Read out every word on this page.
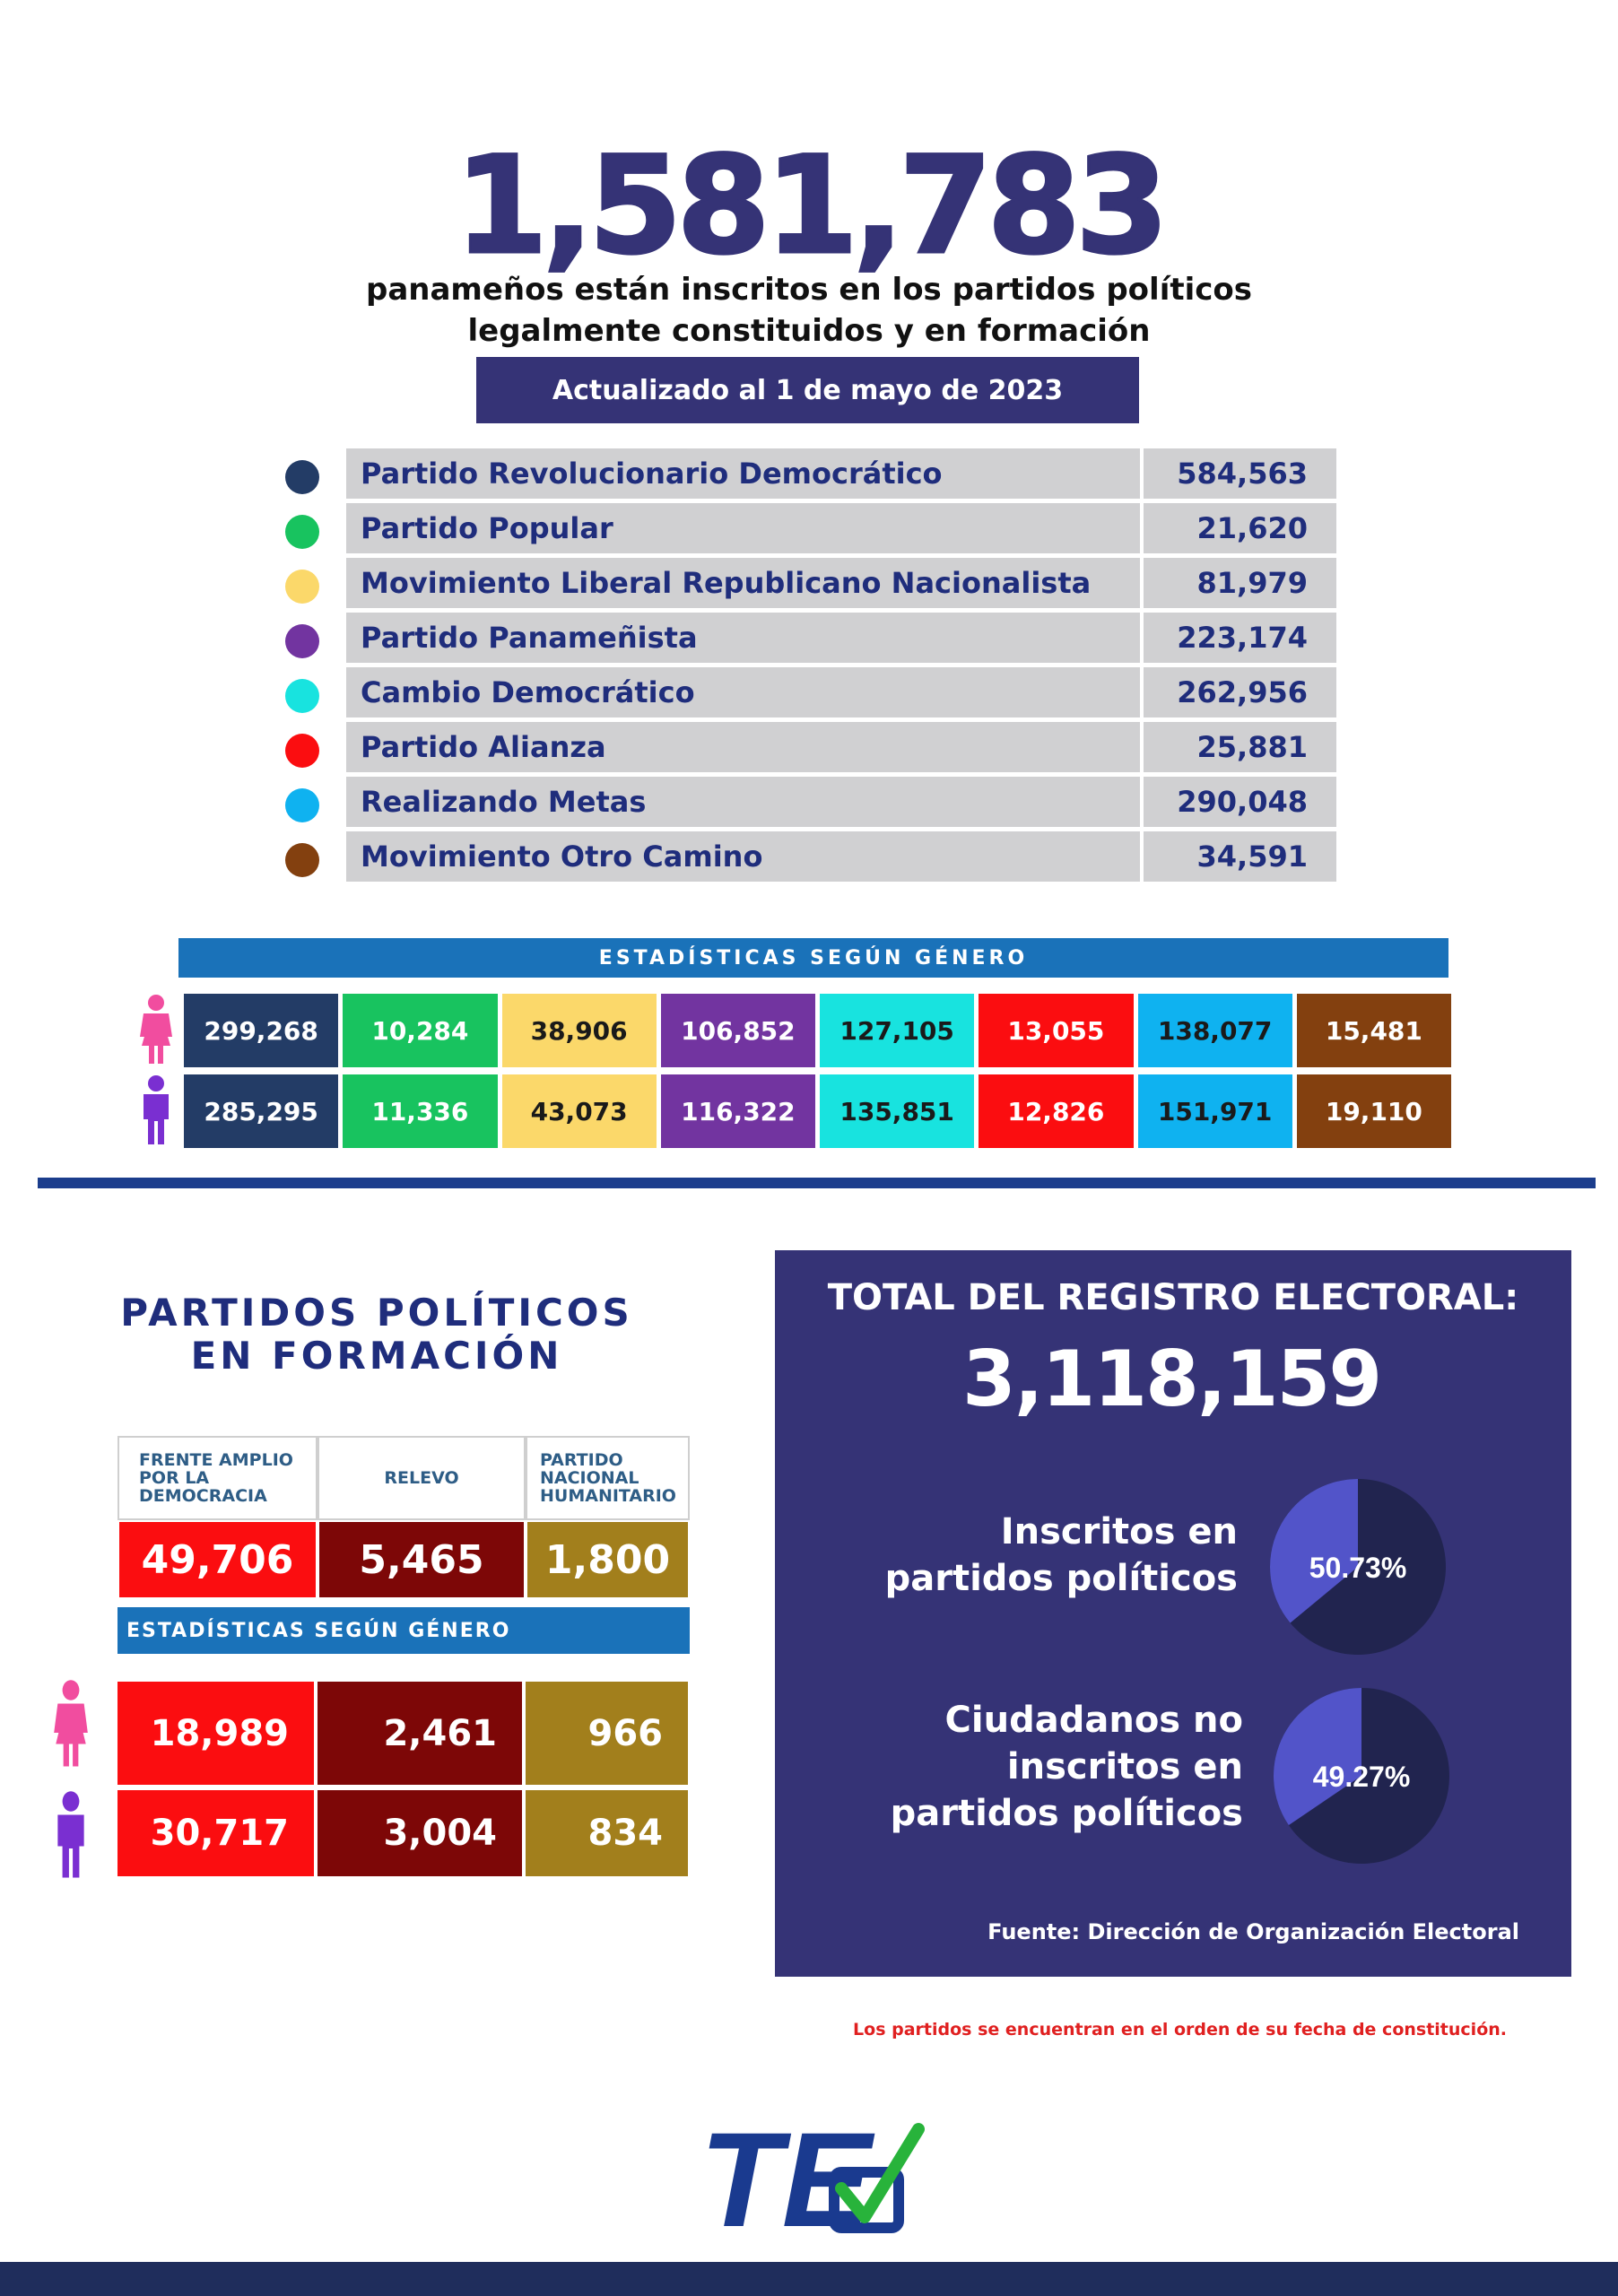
1,581,783
panameños están inscritos en los partidos políticos
legalmente constituidos y en formación
Actualizado al 1 de mayo de 2023
Partido Revolucionario Democrático	584,563
Partido Popular	21,620
Movimiento Liberal Republicano Nacionalista	81,979
Partido Panameñista	223,174
Cambio Democrático	262,956
Partido Alianza	25,881
Realizando Metas	290,048
Movimiento Otro Camino	34,591
ESTADÍSTICAS SEGÚN GÉNERO
299,268	10,284	38,906	106,852	127,105	13,055	138,077	15,481
285,295	11,336	43,073	116,322	135,851	12,826	151,971	19,110
PARTIDOS POLÍTICOS
EN FORMACIÓN
FRENTE AMPLIO POR LA DEMOCRACIA
RELEVO
PARTIDO NACIONAL HUMANITARIO
49,706	5,465	1,800
ESTADÍSTICAS SEGÚN GÉNERO
18,989	2,461	966
30,717	3,004	834
TOTAL DEL REGISTRO ELECTORAL:
3,118,159
Inscritos en
partidos políticos 50.73%
Ciudadanos no
inscritos en
partidos políticos
49.27%
Fuente: Dirección de Organización Electoral
Los partidos se encuentran en el orden de su fecha de constitución.
TE
